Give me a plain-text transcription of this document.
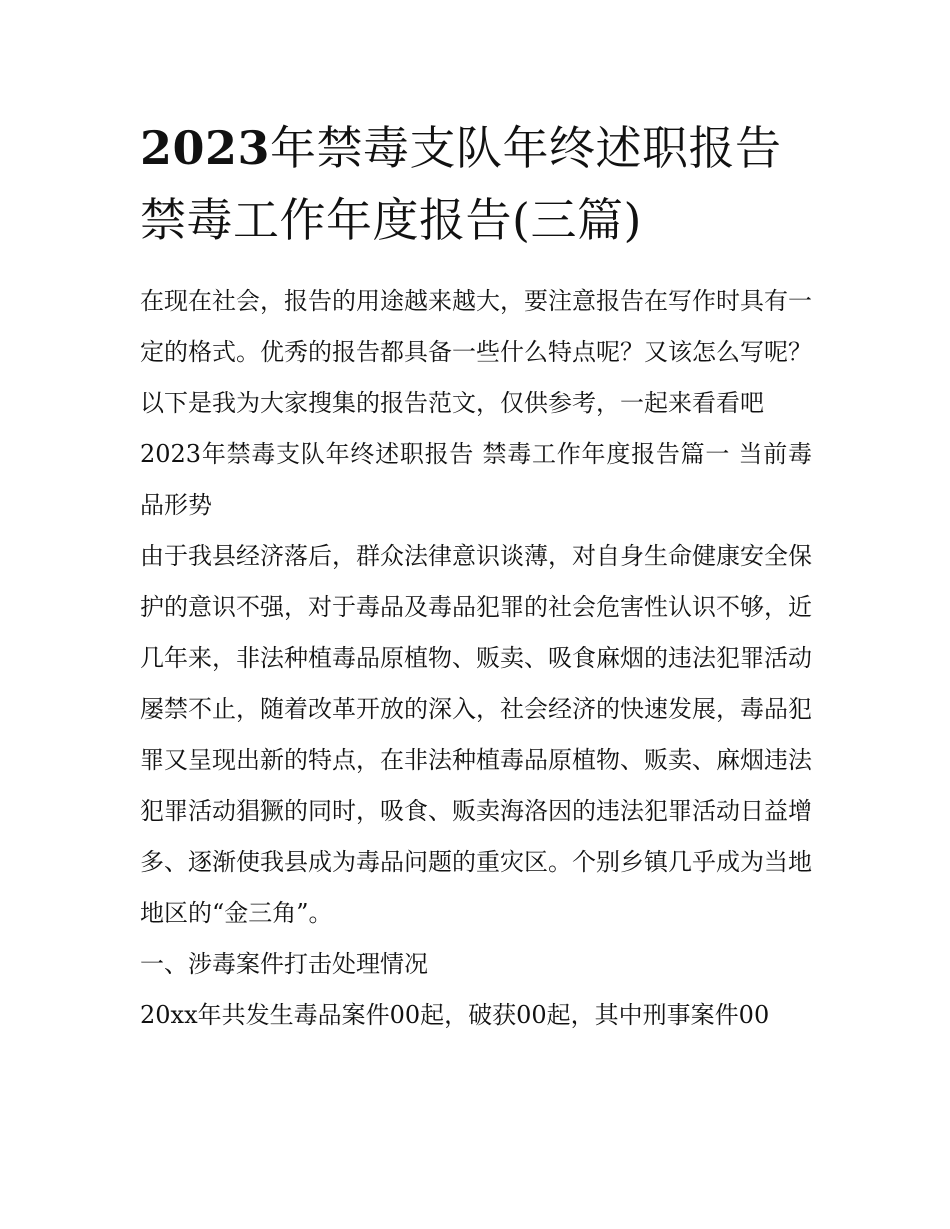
2023年禁毒支队年终述职报告禁毒工作年度报告(三篇)

在现在社会，报告的用途越来越大，要注意报告在写作时具有一定的格式。优秀的报告都具备一些什么特点呢？又该怎么写呢？以下是我为大家搜集的报告范文，仅供参考，一起来看看吧

2023年禁毒支队年终述职报告 禁毒工作年度报告篇一 当前毒品形势

由于我县经济落后，群众法律意识谈薄，对自身生命健康安全保护的意识不强，对于毒品及毒品犯罪的社会危害性认识不够，近几年来，非法种植毒品原植物、贩卖、吸食麻烟的违法犯罪活动屡禁不止，随着改革开放的深入，社会经济的快速发展，毒品犯罪又呈现出新的特点，在非法种植毒品原植物、贩卖、麻烟违法犯罪活动猖獗的同时，吸食、贩卖海洛因的违法犯罪活动日益增多、逐渐使我县成为毒品问题的重灾区。个别乡镇几乎成为当地地区的“金三角”。

一、涉毒案件打击处理情况

20xx年共发生毒品案件00起，破获00起，其中刑事案件00
